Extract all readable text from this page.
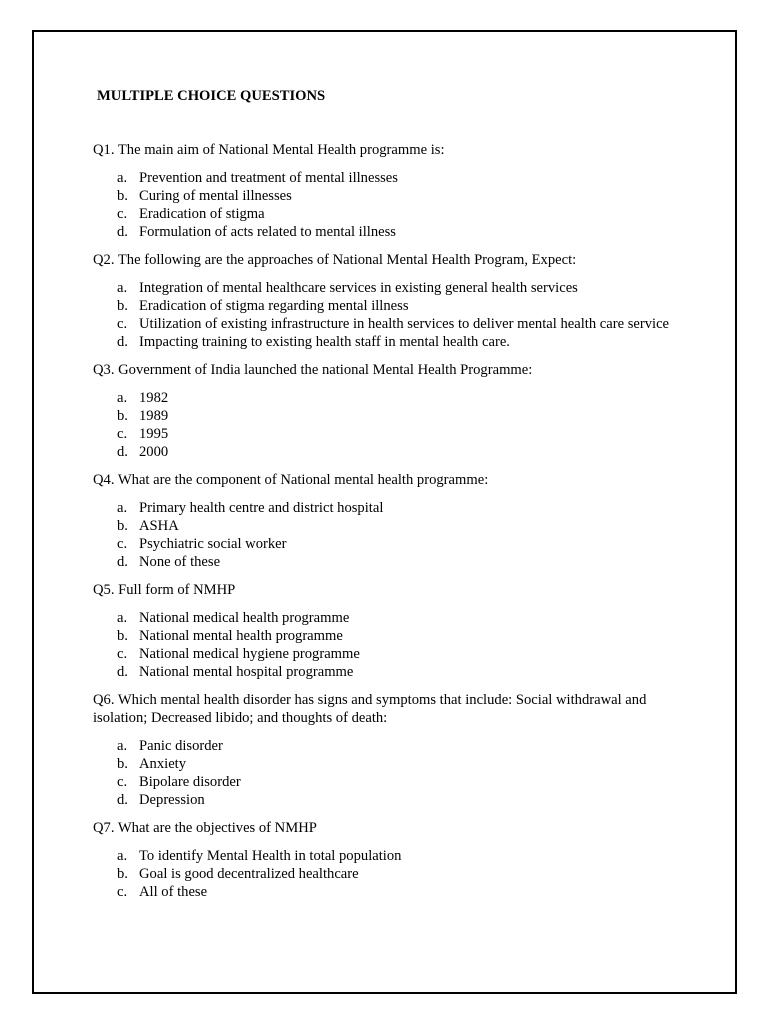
MULTIPLE CHOICE QUESTIONS
Q1. The main aim of National Mental Health programme is:
a. Prevention and treatment of mental illnesses
b. Curing of mental illnesses
c. Eradication of stigma
d. Formulation of acts related to mental illness
Q2. The following are the approaches of National Mental Health Program, Expect:
a. Integration of mental healthcare services in existing general health services
b. Eradication of stigma regarding mental illness
c. Utilization of existing infrastructure in health services to deliver mental health care service
d. Impacting training to existing health staff in mental health care.
Q3. Government of India launched the national Mental Health Programme:
a. 1982
b. 1989
c. 1995
d. 2000
Q4. What are the component of National mental health programme:
a. Primary health centre and district hospital
b. ASHA
c. Psychiatric social worker
d. None of these
Q5. Full form of NMHP
a. National medical health programme
b. National mental health programme
c. National medical hygiene programme
d. National mental hospital programme
Q6. Which mental health disorder has signs and symptoms that include: Social withdrawal and isolation; Decreased libido; and thoughts of death:
a. Panic disorder
b. Anxiety
c. Bipolare disorder
d. Depression
Q7. What are the objectives of NMHP
a. To identify Mental Health in total population
b. Goal is good decentralized healthcare
c. All of these
